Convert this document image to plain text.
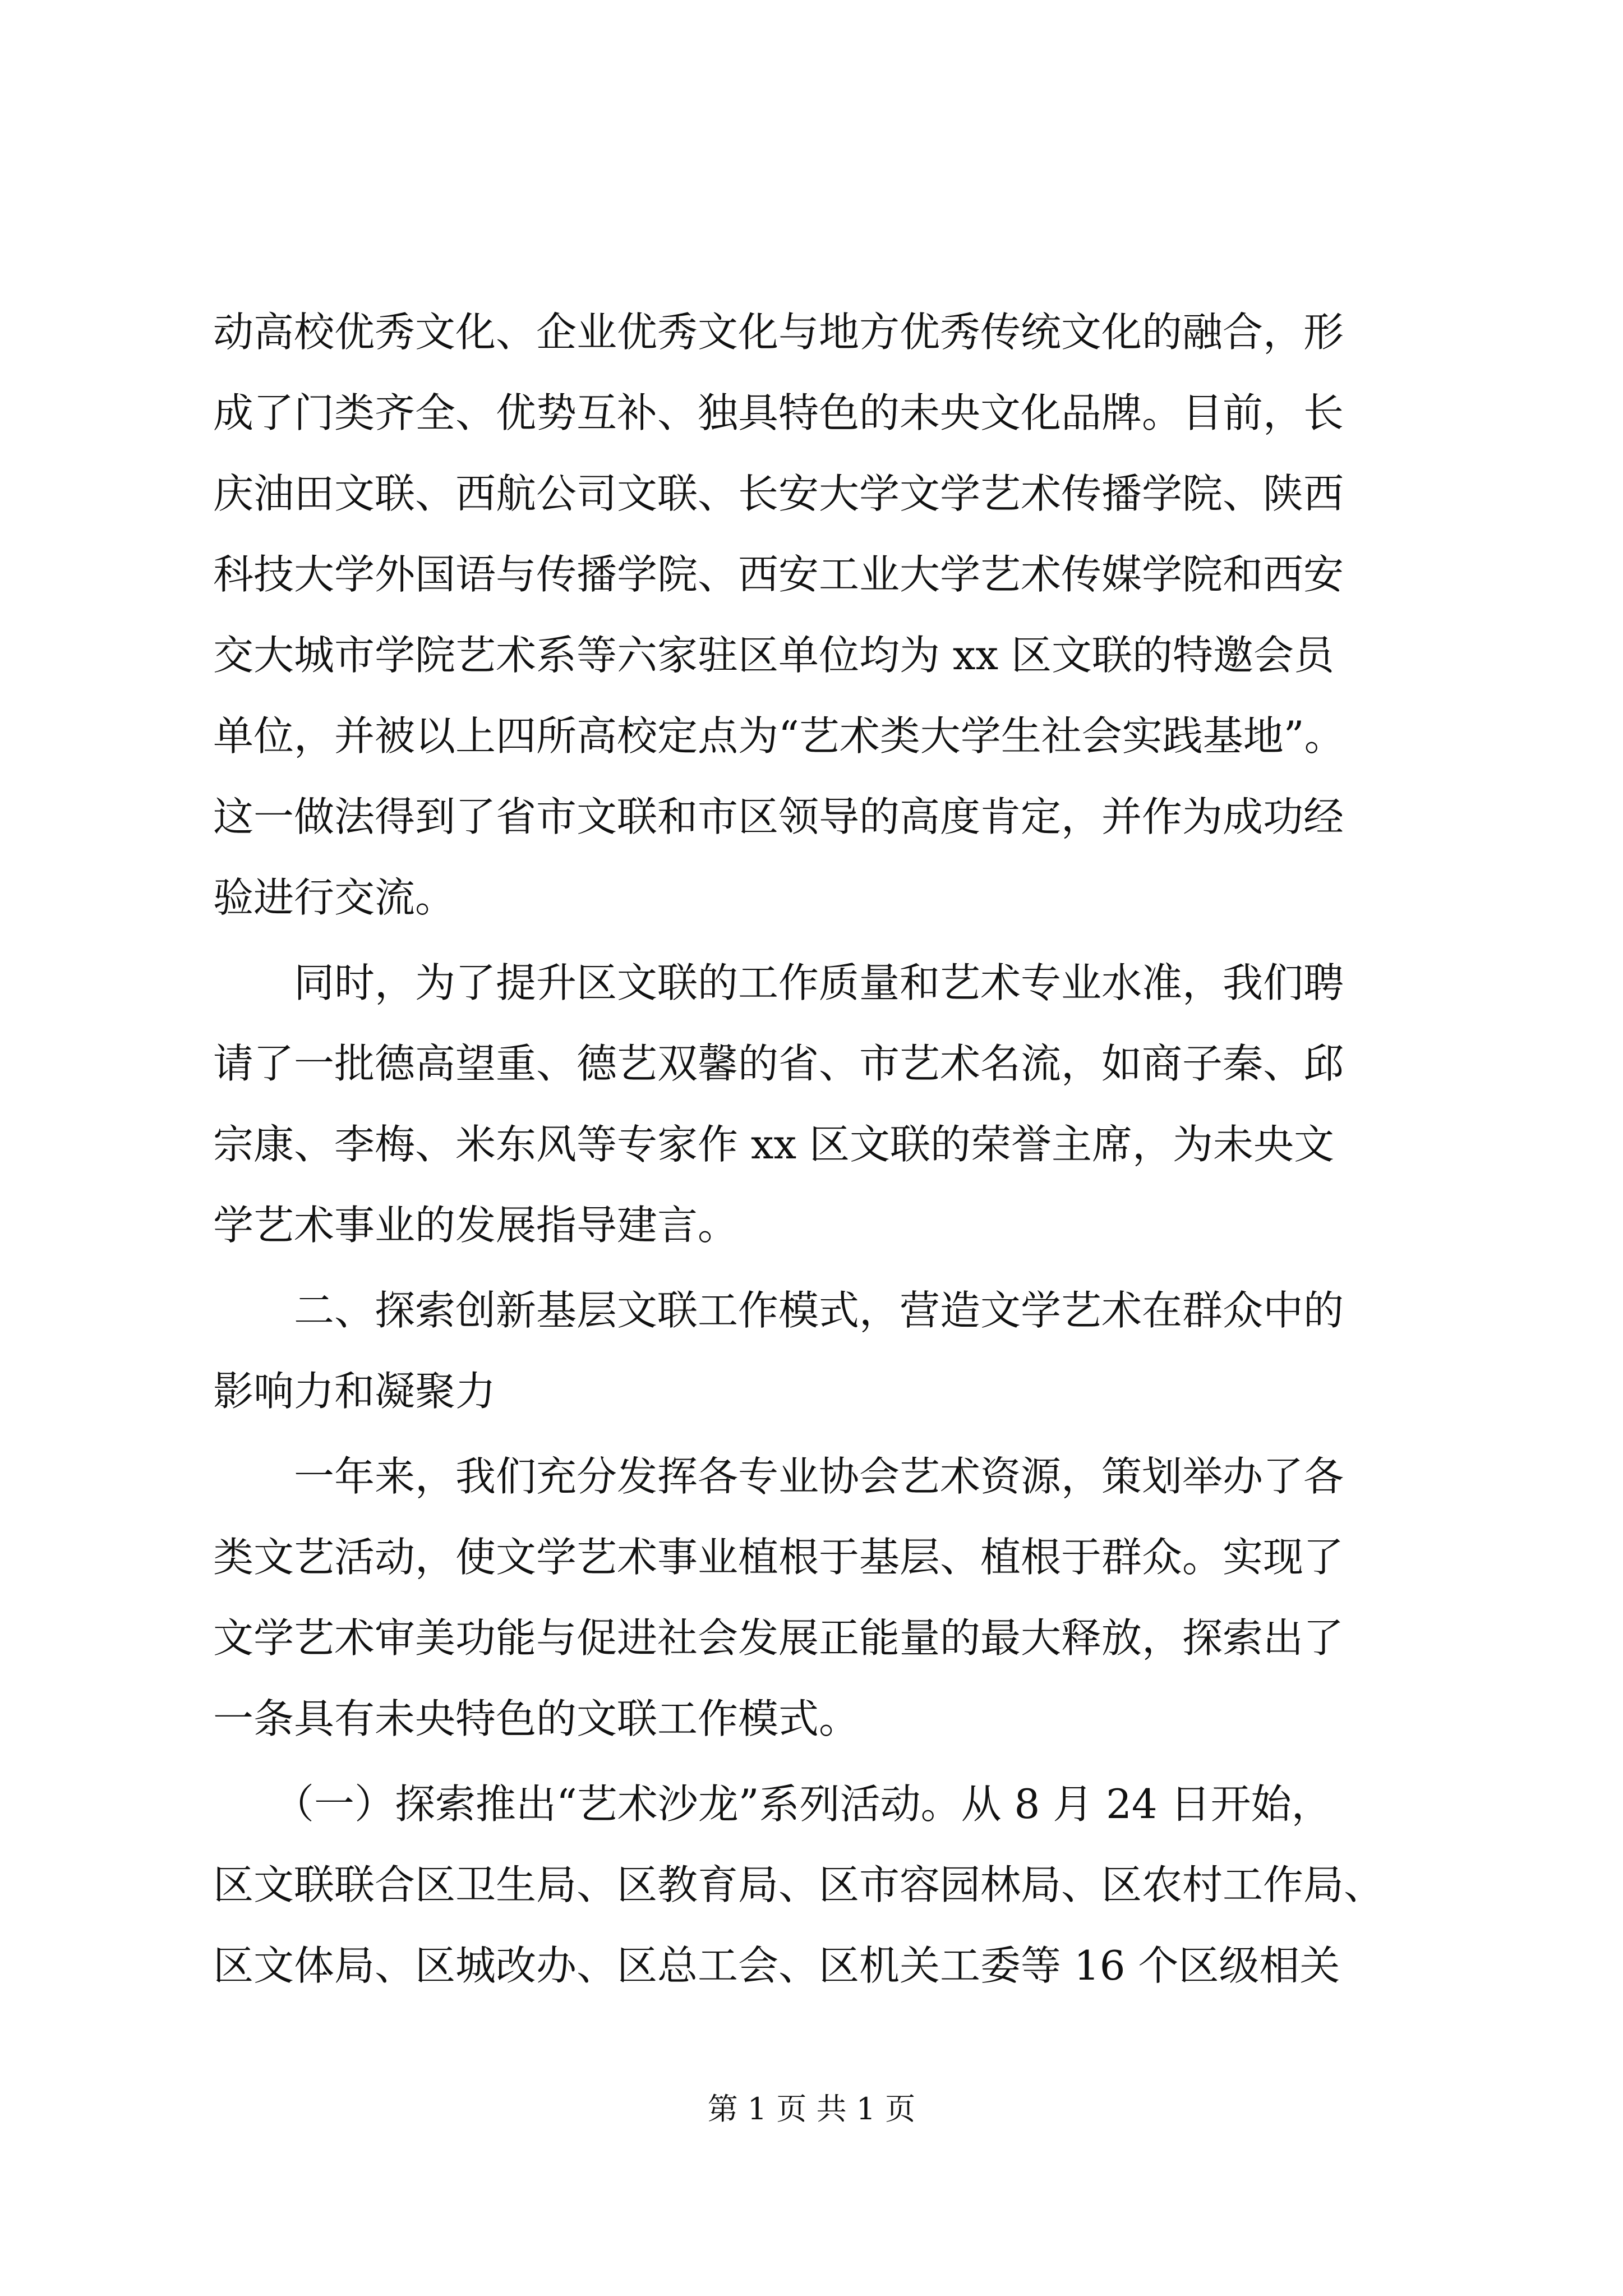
动高校优秀文化、企业优秀文化与地方优秀传统文化的融合，形
成了门类齐全、优势互补、独具特色的未央文化品牌。目前，长
庆油田文联、西航公司文联、长安大学文学艺术传播学院、陕西
科技大学外国语与传播学院、西安工业大学艺术传媒学院和西安
交大城市学院艺术系等六家驻区单位均为 xx 区文联的特邀会员
单位，并被以上四所高校定点为“艺术类大学生社会实践基地”。
这一做法得到了省市文联和市区领导的高度肯定，并作为成功经
验进行交流。
　　同时，为了提升区文联的工作质量和艺术专业水准，我们聘
请了一批德高望重、德艺双馨的省、市艺术名流，如商子秦、邱
宗康、李梅、米东风等专家作 xx 区文联的荣誉主席，为未央文
学艺术事业的发展指导建言。
　　二、探索创新基层文联工作模式，营造文学艺术在群众中的
影响力和凝聚力
　　一年来，我们充分发挥各专业协会艺术资源，策划举办了各
类文艺活动，使文学艺术事业植根于基层、植根于群众。实现了
文学艺术审美功能与促进社会发展正能量的最大释放，探索出了
一条具有未央特色的文联工作模式。
　　（一）探索推出“艺术沙龙”系列活动。从 8 月 24 日开始，
区文联联合区卫生局、区教育局、区市容园林局、区农村工作局、
区文体局、区城改办、区总工会、区机关工委等 16 个区级相关
第 1 页 共 1 页
